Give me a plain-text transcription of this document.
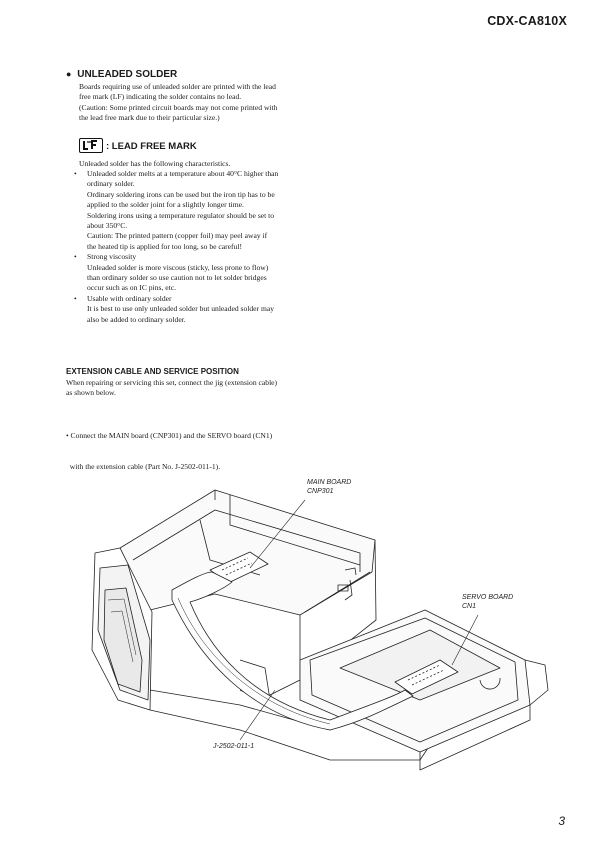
CDX-CA810X
● UNLEADED SOLDER
Boards requiring use of unleaded solder are printed with the lead
free mark (LF) indicating the solder contains no lead.
(Caution: Some printed circuit boards may not come printed with
the lead free mark due to their particular size.)
: LEAD FREE MARK
Unleaded solder has the following characteristics.
• Unleaded solder melts at a temperature about 40°C higher than
ordinary solder.
Ordinary soldering irons can be used but the iron tip has to be
applied to the solder joint for a slightly longer time.
Soldering irons using a temperature regulator should be set to
about 350°C.
Caution: The printed pattern (copper foil) may peel away if
the heated tip is applied for too long, so be careful!
• Strong viscosity
Unleaded solder is more viscous (sticky, less prone to flow)
than ordinary solder so use caution not to let solder bridges
occur such as on IC pins, etc.
• Usable with ordinary solder
It is best to use only unleaded solder but unleaded solder may
also be added to ordinary solder.
EXTENSION CABLE AND SERVICE POSITION
When repairing or servicing this set, connect the jig (extension cable)
as shown below.

• Connect the MAIN board (CNP301) and the SERVO board (CN1)

with the extension cable (Part No. J-2502-011-1).

MAIN BOARD
CNP301
SERVO BOARD
CN1
J-2502-011-1
3
